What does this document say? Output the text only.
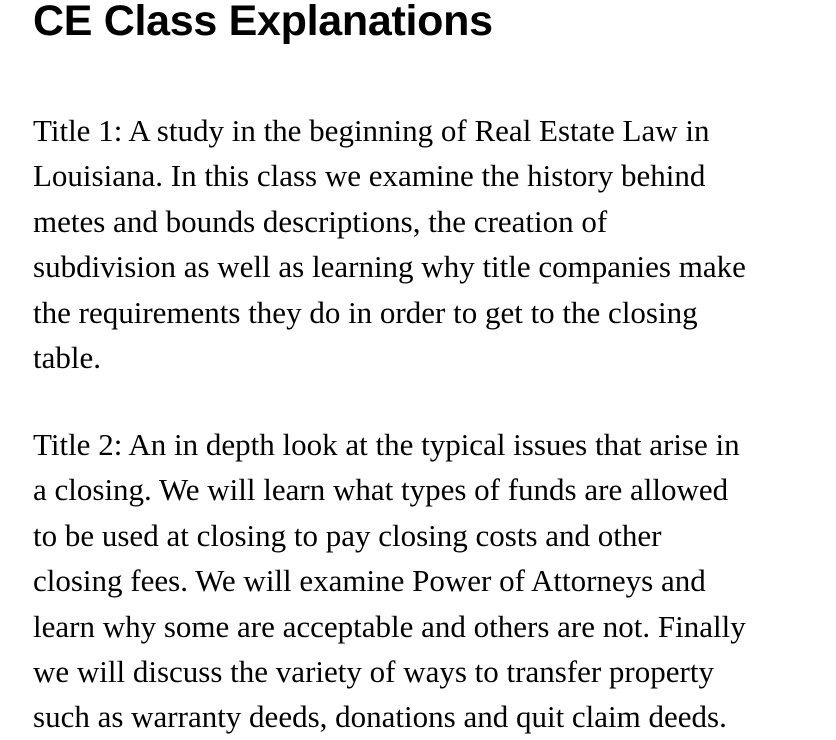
CE Class Explanations

Title 1: A study in the beginning of Real Estate Law in
Louisiana. In this class we examine the history behind
metes and bounds descriptions, the creation of
subdivision as well as learning why title companies make
the requirements they do in order to get to the closing
table.

Title 2: An in depth look at the typical issues that arise in
a closing. We will learn what types of funds are allowed
to be used at closing to pay closing costs and other
closing fees. We will examine Power of Attorneys and
learn why some are acceptable and others are not. Finally
we will discuss the variety of ways to transfer property
such as warranty deeds, donations and quit claim deeds.
